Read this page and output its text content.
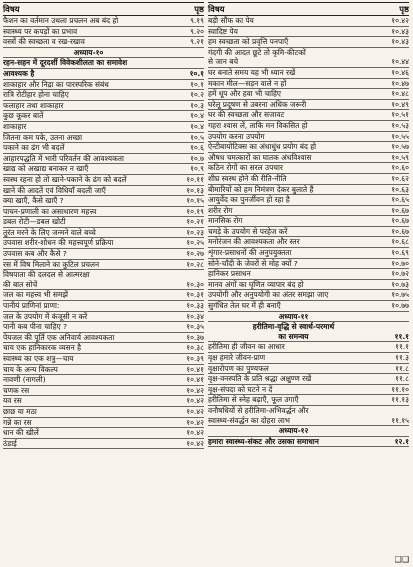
विषय	पृष्ठ
फैशन का वर्तमान उथला प्रचलन अब बंद हो	९.१९
स्वास्थ्य पर कपड़ों का प्रभाव	९.२०
वस्त्रों की स्वच्छता व रख-रखाव	९.२१
अध्याय-१०
रहन-सहन में दूरदर्शी विवेकशीलता का समावेश
आवश्यक है	१०.१
शाकाहार और निद्रा का पारस्परिक संबंध	१०.१
रात्रि रोटीहार होना चाहिए	१०.२
फलाहार तथा शाकाहार	१०.३
कुछ कूकर बातें	१०.४
शाकाहार	१०.४
जितना कम पके, उतना अच्छा	१०.५
पकाने का ढंग भी बदलें	१०.६
आहारपद्धति में भारी परिवर्तन की आवश्यकता	१०.७
खाद्य को अखाद्य बनाकर न खाएँ	१०.९
स्वस्थ रहना हो तो खाने-पकाने के ढंग को बदलें	१०.११
खाने की आदतें एवं विधियाँ बदली जाएँ	१०.१३
क्या खाएँ, कैसे खाएँ ?	१०.१५
पाचन-प्रणाली का असाधारण महत्त्व	१०.१९
डबल रोटी—डबल खोटी	१०.२१
तुरंत मरने के लिए जन्मने वाले बच्चे	१०.२३
उपवास शरीर-शोधन की महत्त्वपूर्ण प्रक्रिया	१०.२५
उपवास कब और कैसे ?	१०.२७
रस में विष मिलाने का कुटिल प्रचलन	१०.२८
विषपाता की दलदल से आत्मरक्षा
की बात सोचें	१०.३०
जल का महत्त्व भी समझें	१०.३१
पानीयं प्राणिनां प्राणा:	१०.३३
जल के उपयोग में कंजूसी न करें	१०.३४
पानी कब पीना चाहिए ?	१०.३५
पेयजल की पूर्ति एक अनिवार्य आवश्यकता	१०.३७
चाय एक हानिकारक व्यसन है	१०.३८
स्वास्थ्य का एक शत्रु—चाय	१०.३९
चाय के अन्य विकल्प	१०.४१
नावणी (नागली)	१०.४१
चणक रस	१०.४२
यव रस	१०.४२
छाछ या मठा	१०.४२
गन्ने का रस	१०.४२
धान की खीलें	१०.४२
ठंडाई	१०.४२
विषय	पृष्ठ
बड़ी सौंफ का पेय	१०.४२
स्वादिष्ट पेय	१०.४३
हम स्वच्छता को प्रवृत्ति पनपाएँ	१०.४३
गंदगी की आदत छूटे तो कृमि-कीटकों
से जान बचे	१०.४४
घर बनाते समय यह भी ध्यान रखें	१०.४६
मकान मील—सड़न वाले न हों	१०.४७
हमें धूप और हवा भी चाहिए	१०.४८
घरेलू प्रदूषण से उबरना अधिक जरूरी	१०.४९
घर की स्वच्छता और सजावट	१०.५१
गहरा श्वास लें, ताकि मन विकसित हो	१०.५३
उपयोग करना उपयोग	१०.५५
ऐन्टीबायोटिक्स का अंधाधुंध प्रयोग बंद हो	१०.५७
औषध चमत्कारों का घातक अंधविश्वास	१०.५९
कठिन रोगों का सरल उपचार	१०.६०
शीघ्र स्वस्थ होने की रीति-नीति	१०.६२
बीमारियों को हम निमंत्रण देकर बुलाते हैं	१०.६३
आयुर्वेद का पुनर्जीवन हो रहा है	१०.६५
शरीर रोग	१०.६७
मानसिक रोग	१०.६७
चमड़े के उपयोग से परहेज करें	१०.६७
मनोरंजन की आवश्यकता और स्तर	१०.६८
शृंगार-प्रसाधनों की अनुपयुक्तता	१०.६९
सोने-चाँदी के जेवरों से मोह क्यों ?	१०.७०
हानिकर प्रसाधन	१०.७२
मानव अंगों का घृणित व्यापार बंद हो	१०.७३
उपयोगी और अनुपयोगी का अंतर समझा जाए	१०.७५
सुगंधित तेल घर में ही बनाएँ	१०.७७
अध्याय-११
हरीतिमा-वृद्धि से स्वार्थ-परमार्थ
का समन्वय	११.१
हरीतिमा ही जीवन का आधार	११.१
वृक्ष हमारे जीवन-प्राण	११.३
वृक्षारोपण का पुण्यफल	११.८
वृक्ष-वनस्पति के प्रति श्रद्धा अक्षुण्ण रखें	११.८
वृक्ष-संपदा को घटने न दें	११.१०
हरीतिमा से स्नेह बढ़ाएँ, फूल उगाएँ	११.१३
वनौषधियों से हरीतिमा-अभिवर्द्धन और
स्वास्थ्य-संवर्द्धन का दोहरा लाभ	११.१५
अध्याय-१२
हमारा स्वास्थ्य-संकट और उसका समाधान	१२.१
❑❑
